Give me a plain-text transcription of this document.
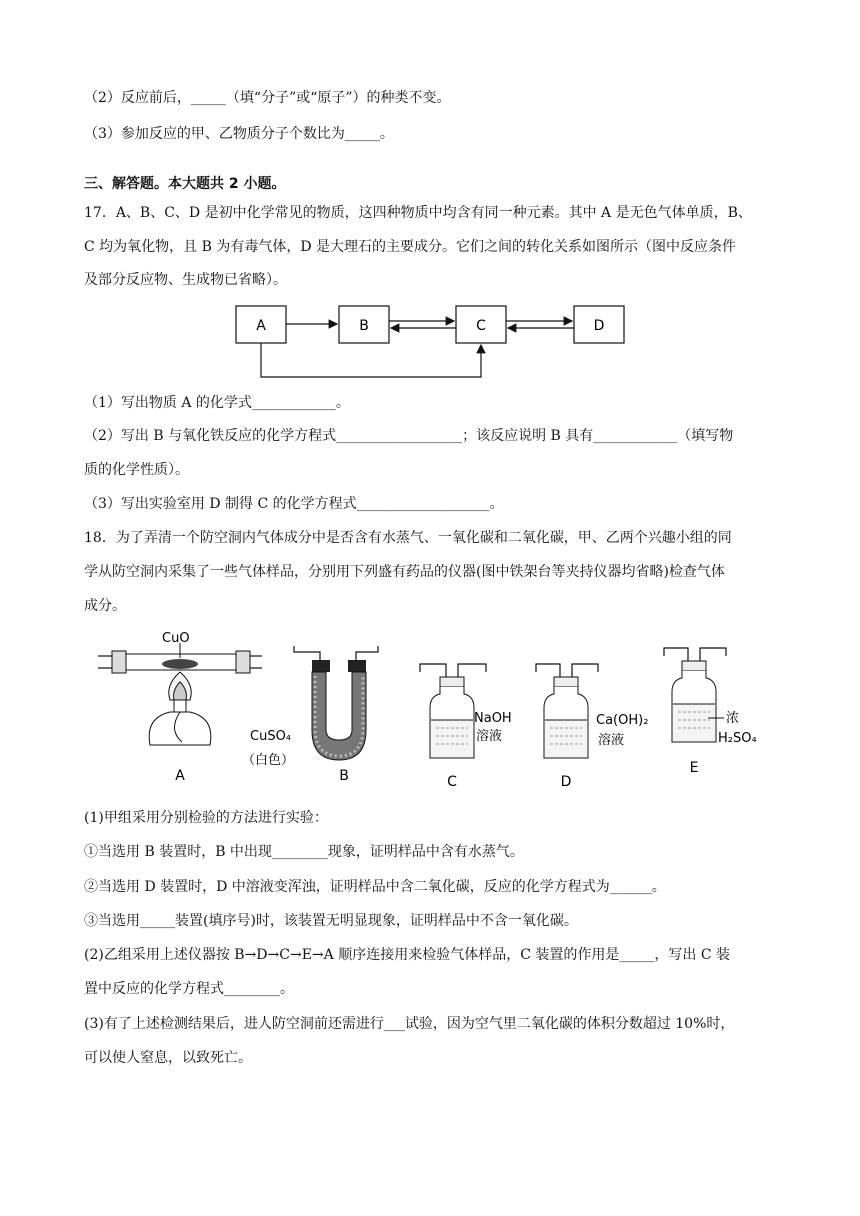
（2）反应前后，_____（填“分子”或“原子”）的种类不变。
（3）参加反应的甲、乙物质分子个数比为_____。
三、解答题。本大题共 2 小题。
17．A、B、C、D 是初中化学常见的物质，这四种物质中均含有同一种元素。其中 A 是无色气体单质，B、
C 均为氧化物，且 B 为有毒气体，D 是大理石的主要成分。它们之间的转化关系如图所示（图中反应条件
及部分反应物、生成物已省略）。
A	B	C	D
（1）写出物质 A 的化学式____________。
（2）写出 B 与氧化铁反应的化学方程式__________________；该反应说明 B 具有____________（填写物
质的化学性质）。
（3）写出实验室用 D 制得 C 的化学方程式___________________。
18．为了弄清一个防空洞内气体成分中是否含有水蒸气、一氧化碳和二氧化碳，甲、乙两个兴趣小组的同
学从防空洞内采集了一些气体样品，分别用下列盛有药品的仪器(图中铁架台等夹持仪器均省略)检查气体
成分。
CuO
A
CuSO₄
（白色）
B
NaOH
溶液
C
Ca(OH)₂
溶液
D
浓
H₂SO₄
E
(1)甲组采用分别检验的方法进行实验：
①当选用 B 装置时，B 中出现________现象，证明样品中含有水蒸气。
②当选用 D 装置时，D 中溶液变浑浊，证明样品中含二氧化碳，反应的化学方程式为______。
③当选用_____装置(填序号)时，该装置无明显现象，证明样品中不含一氧化碳。
(2)乙组采用上述仪器按 B→D→C→E→A 顺序连接用来检验气体样品，C 装置的作用是_____，写出 C 装
置中反应的化学方程式________。
(3)有了上述检测结果后，进人防空洞前还需进行___试验，因为空气里二氧化碳的体积分数超过 10%时，
可以使人窒息，以致死亡。
